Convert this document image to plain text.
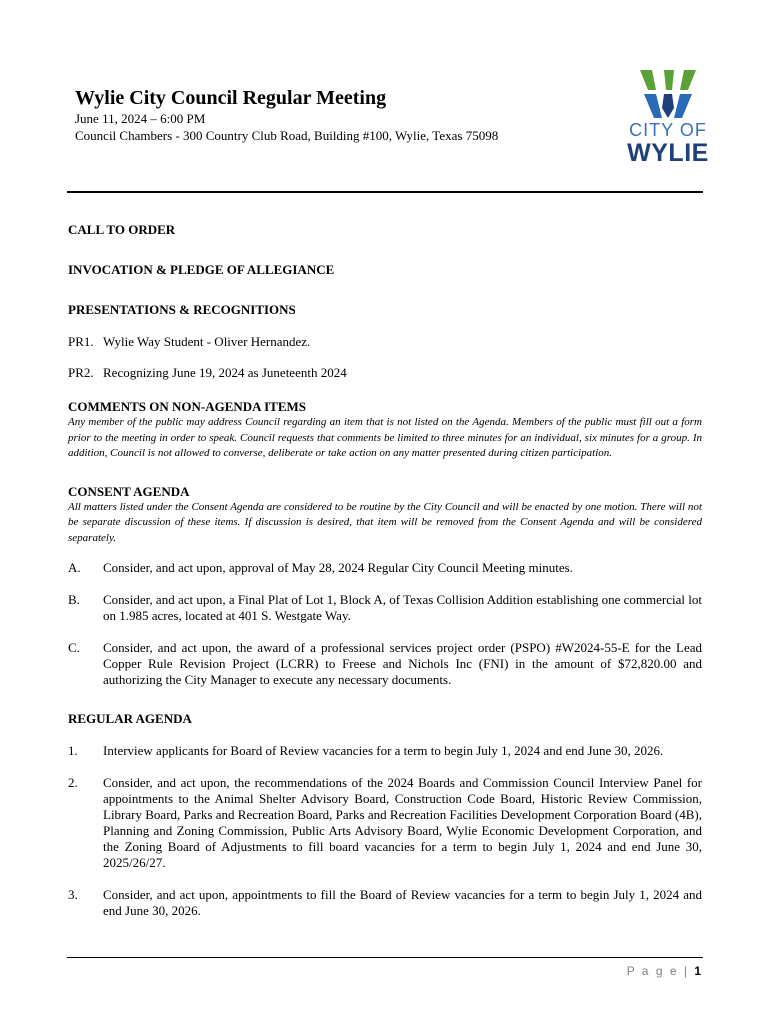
Wylie City Council Regular Meeting

June 11, 2024 – 6:00 PM

Council Chambers - 300 Country Club Road, Building #100, Wylie, Texas 75098	CITY OF
WYLIE

CALL TO ORDER

INVOCATION & PLEDGE OF ALLEGIANCE

PRESENTATIONS & RECOGNITIONS

PR1. Wylie Way Student - Oliver Hernandez.

PR2. Recognizing June 19, 2024 as Juneteenth 2024

COMMENTS ON NON-AGENDA ITEMS

Any member of the public may address Council regarding an item that is not listed on the Agenda. Members of the public must fill out a form prior to the meeting in order to speak. Council requests that comments be limited to three minutes for an individual, six minutes for a group. In addition, Council is not allowed to converse, deliberate or take action on any matter presented during citizen participation.

CONSENT AGENDA

All matters listed under the Consent Agenda are considered to be routine by the City Council and will be enacted by one motion. There will not be separate discussion of these items. If discussion is desired, that item will be removed from the Consent Agenda and will be considered separately.

A.	Consider, and act upon, approval of May 28, 2024 Regular City Council Meeting minutes.
B.	Consider, and act upon, a Final Plat of Lot 1, Block A, of Texas Collision Addition establishing one commercial lot on 1.985 acres, located at 401 S. Westgate Way.
C.	Consider, and act upon, the award of a professional services project order (PSPO) #W2024-55-E for the Lead Copper Rule Revision Project (LCRR) to Freese and Nichols Inc (FNI) in the amount of $72,820.00 and authorizing the City Manager to execute any necessary documents.

REGULAR AGENDA

1.	Interview applicants for Board of Review vacancies for a term to begin July 1, 2024 and end June 30, 2026.
2.	Consider, and act upon, the recommendations of the 2024 Boards and Commission Council Interview Panel for appointments to the Animal Shelter Advisory Board, Construction Code Board, Historic Review Commission, Library Board, Parks and Recreation Board, Parks and Recreation Facilities Development Corporation Board (4B), Planning and Zoning Commission, Public Arts Advisory Board, Wylie Economic Development Corporation, and the Zoning Board of Adjustments to fill board vacancies for a term to begin July 1, 2024 and end June 30, 2025/26/27.
3.	Consider, and act upon, appointments to fill the Board of Review vacancies for a term to begin July 1, 2024 and end June 30, 2026.
P a g e | 1
